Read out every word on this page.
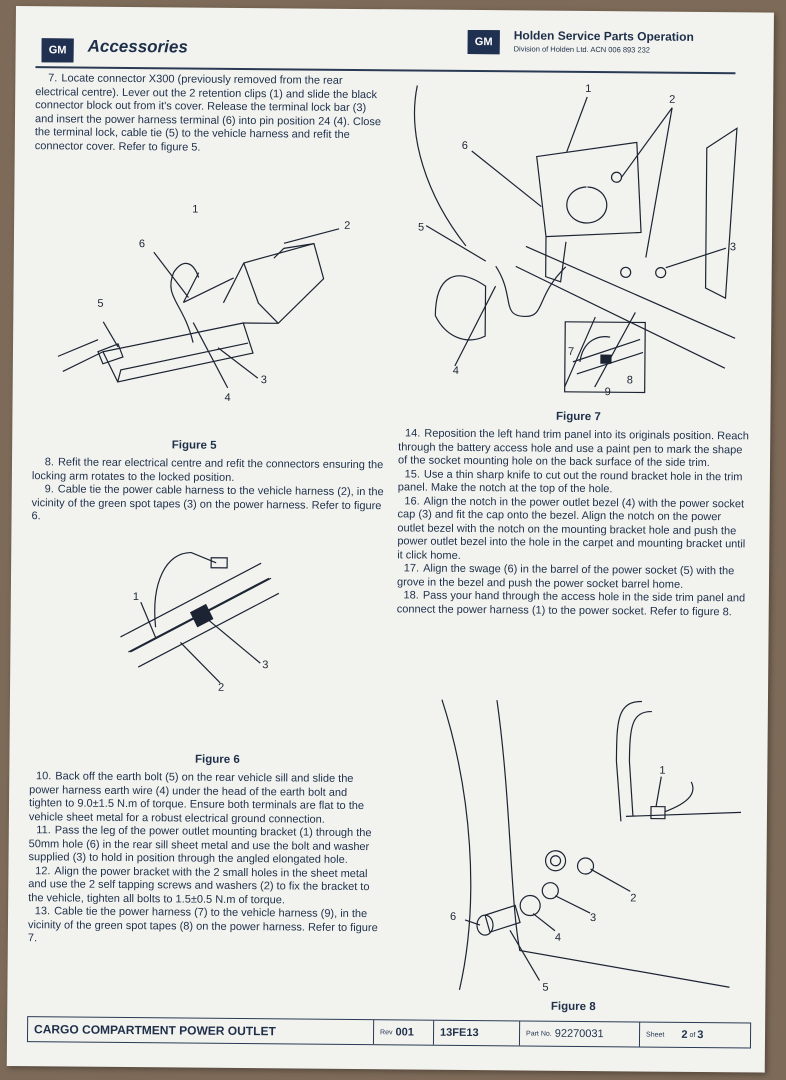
GM	Accessories	GM	Holden Service Parts Operation
Division of Holden Ltd. ACN 006 893 232

7. Locate connector X300 (previously removed from the rear electrical centre). Lever out the 2 retention clips (1) and slide the black connector block out from it's cover. Release the terminal lock bar (3) and insert the power harness terminal (6) into pin position 24 (4). Close the terminal lock, cable tie (5) to the vehicle harness and refit the connector cover. Refer to figure 5.

1
2
3
4
5
6
Figure 5

8. Refit the rear electrical centre and refit the connectors ensuring the locking arm rotates to the locked position.

9. Cable tie the power cable harness to the vehicle harness (2), in the vicinity of the green spot tapes (3) on the power harness. Refer to figure 6.

1
2
3
Figure 6

10. Back off the earth bolt (5) on the rear vehicle sill and slide the power harness earth wire (4) under the head of the earth bolt and tighten to 9.0±1.5 N.m of torque. Ensure both terminals are flat to the vehicle sheet metal for a robust electrical ground connection.

11. Pass the leg of the power outlet mounting bracket (1) through the 50mm hole (6) in the rear sill sheet metal and use the bolt and washer supplied (3) to hold in position through the angled elongated hole.

12. Align the power bracket with the 2 small holes in the sheet metal and use the 2 self tapping screws and washers (2) to fix the bracket to the vehicle, tighten all bolts to 1.5±0.5 N.m of torque.

13. Cable tie the power harness (7) to the vehicle harness (9), in the vicinity of the green spot tapes (8) on the power harness. Refer to figure 7.

1
2
3
4
5
6
7
8
9
Figure 7

14. Reposition the left hand trim panel into its originals position. Reach through the battery access hole and use a paint pen to mark the shape of the socket mounting hole on the back surface of the side trim.

15. Use a thin sharp knife to cut out the round bracket hole in the trim panel. Make the notch at the top of the hole.

16. Align the notch in the power outlet bezel (4) with the power socket cap (3) and fit the cap onto the bezel. Align the notch on the power outlet bezel with the notch on the mounting bracket hole and push the power outlet bezel into the hole in the carpet and mounting bracket until it click home.

17. Align the swage (6) in the barrel of the power socket (5) with the grove in the bezel and push the power socket barrel home.

18. Pass your hand through the access hole in the side trim panel and connect the power harness (1) to the power socket. Refer to figure 8.

1
2
3
4
5
6
Figure 8
CARGO COMPARTMENT POWER OUTLET	Rev 001 13FE13	Part No. 92270031	Sheet 2 of 3
